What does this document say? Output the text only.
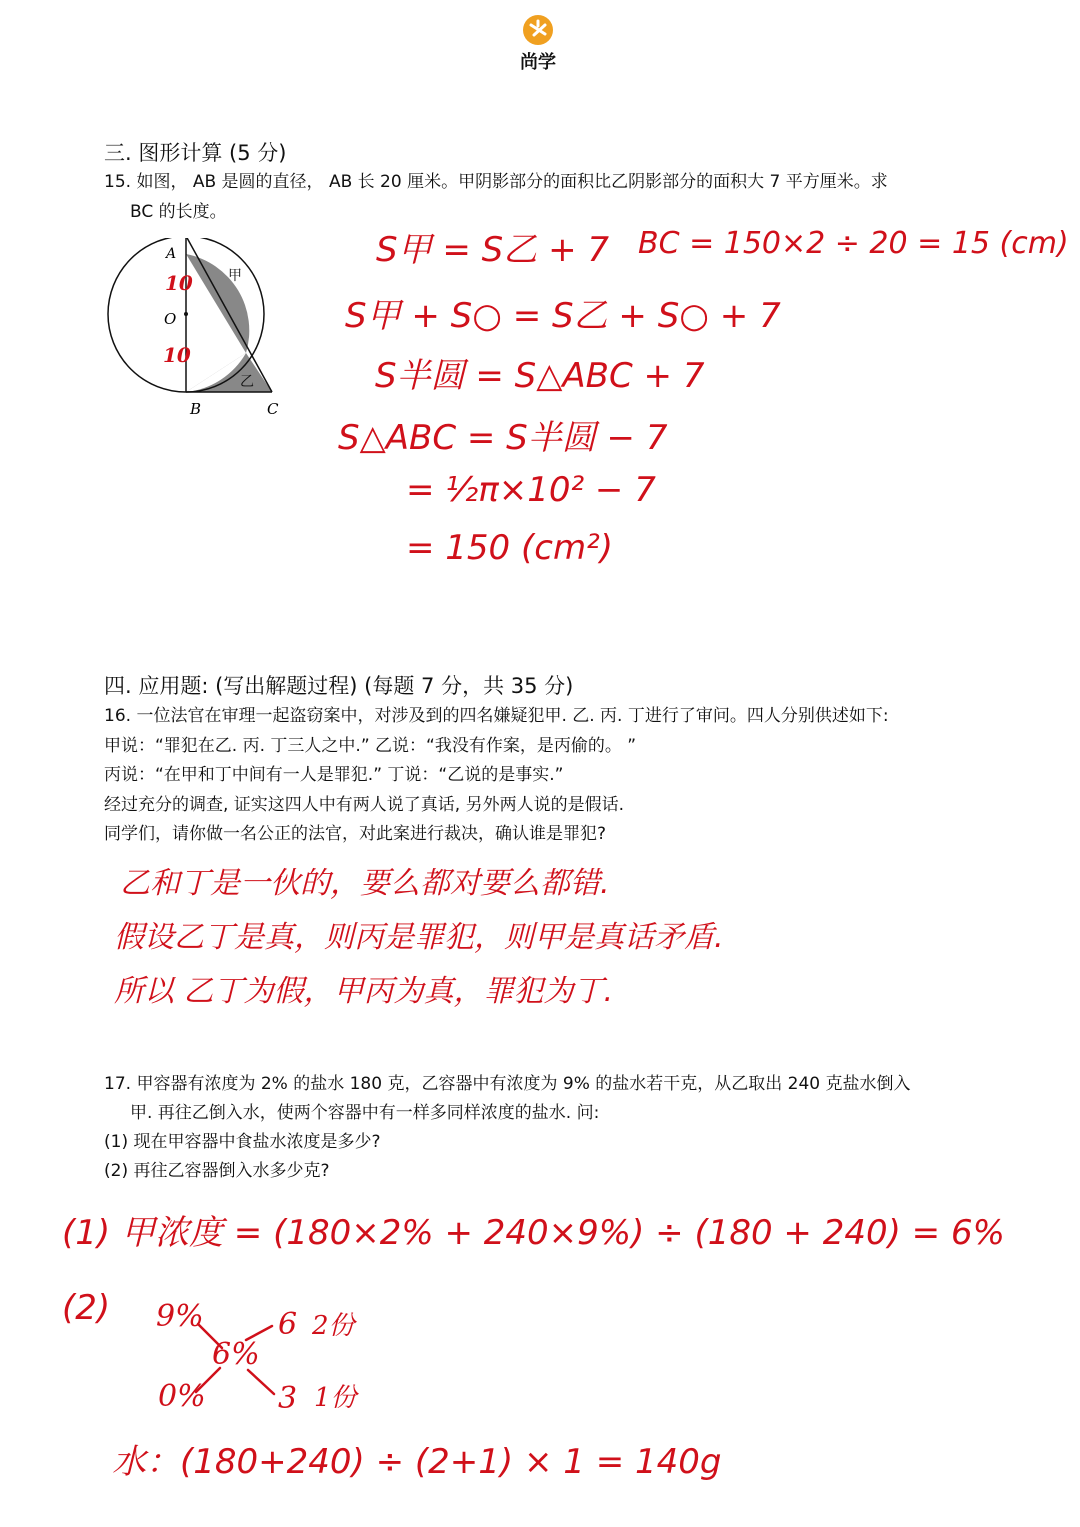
尚学
三. 图形计算 (5 分)
15. 如图， AB 是圆的直径， AB 长 20 厘米。甲阴影部分的面积比乙阴影部分的面积大 7 平方厘米。求
BC 的长度。
A
O
B	C
甲
乙
10
10
S甲 = S乙 + 7
S甲 + S○ = S乙 + S○ + 7
S半圆 = S△ABC + 7
S△ABC = S半圆 − 7
= ½π×10² − 7
= 150 (cm²)
BC = 150×2 ÷ 20 = 15 (cm)
四. 应用题: (写出解题过程) (每题 7 分，共 35 分)
16. 一位法官在审理一起盗窃案中，对涉及到的四名嫌疑犯甲. 乙. 丙. 丁进行了审问。四人分别供述如下:
甲说：“罪犯在乙. 丙. 丁三人之中.” 乙说：“我没有作案，是丙偷的。 ”
丙说：“在甲和丁中间有一人是罪犯.” 丁说：“乙说的是事实.”
经过充分的调查, 证实这四人中有两人说了真话, 另外两人说的是假话.
同学们，请你做一名公正的法官，对此案进行裁决，确认谁是罪犯?
乙和丁是一伙的，要么都对要么都错.
假设乙丁是真，则丙是罪犯，则甲是真话矛盾.
所以 乙丁为假，甲丙为真，罪犯为丁.
17. 甲容器有浓度为 2% 的盐水 180 克，乙容器中有浓度为 9% 的盐水若干克，从乙取出 240 克盐水倒入
甲. 再往乙倒入水，使两个容器中有一样多同样浓度的盐水. 问:
(1) 现在甲容器中食盐水浓度是多少?
(2) 再往乙容器倒入水多少克?
(1) 甲浓度 = (180×2% + 240×9%) ÷ (180 + 240) = 6%
(2) 9%
6%
0%
6
3
2份
1份
水：(180+240) ÷ (2+1) × 1 = 140g
